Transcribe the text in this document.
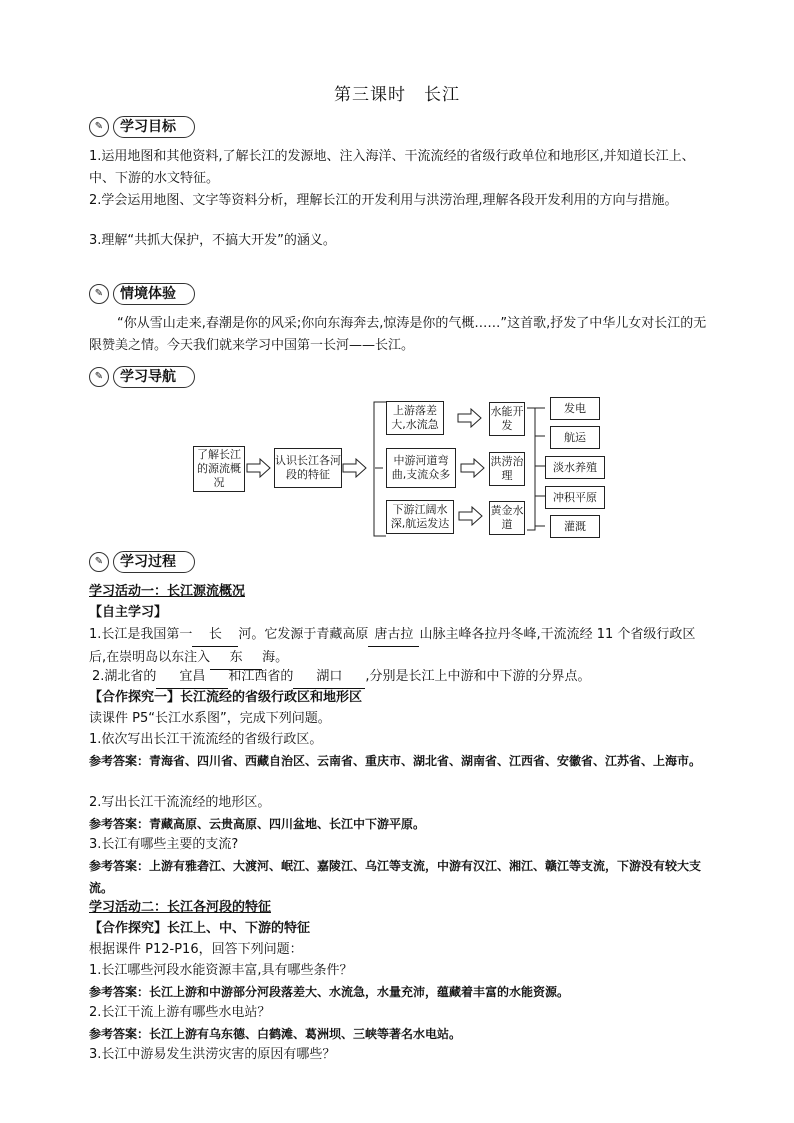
第三课时　长江
✎	学习目标

1.运用地图和其他资料,了解长江的发源地、注入海洋、干流流经的省级行政单位和地形区,并知道长江上、中、下游的水文特征。

2.学会运用地图、文字等资料分析，理解长江的开发利用与洪涝治理,理解各段开发利用的方向与措施。

3.理解“共抓大保护，不搞大开发”的涵义。

✎	情境体验

“你从雪山走来,春潮是你的风采;你向东海奔去,惊涛是你的气概……”这首歌,抒发了中华儿女对长江的无限赞美之情。今天我们就来学习中国第一长河——长江。

✎	学习导航
了解长江的源流概况
认识长江各河段的特征
上游落差大,水流急
中游河道弯曲,支流众多
下游江阔水深,航运发达
水能开发
洪涝治理
黄金水道
发电
航运
淡水养殖
冲积平原
灌溉
✎	学习过程

学习活动一：长江源流概况

【自主学习】

1.长江是我国第一 长 河。它发源于青藏高原 唐古拉 山脉主峰各拉丹冬峰,干流流经 11 个省级行政区后,在崇明岛以东注入 东 海。

2.湖北省的 宜昌 和江西省的 湖口 ,分别是长江上中游和中下游的分界点。

【合作探究一】长江流经的省级行政区和地形区

读课件 P5“长江水系图”，完成下列问题。

1.依次写出长江干流流经的省级行政区。

参考答案：青海省、四川省、西藏自治区、云南省、重庆市、湖北省、湖南省、江西省、安徽省、江苏省、上海市。

2.写出长江干流流经的地形区。

参考答案：青藏高原、云贵高原、四川盆地、长江中下游平原。

3.长江有哪些主要的支流?

参考答案：上游有雅砻江、大渡河、岷江、嘉陵江、乌江等支流，中游有汉江、湘江、赣江等支流，下游没有较大支流。

学习活动二：长江各河段的特征

【合作探究】长江上、中、下游的特征

根据课件 P12-P16，回答下列问题：

1.长江哪些河段水能资源丰富,具有哪些条件？

参考答案：长江上游和中游部分河段落差大、水流急，水量充沛，蕴藏着丰富的水能资源。

2.长江干流上游有哪些水电站？

参考答案：长江上游有乌东德、白鹤滩、葛洲坝、三峡等著名水电站。

3.长江中游易发生洪涝灾害的原因有哪些？
